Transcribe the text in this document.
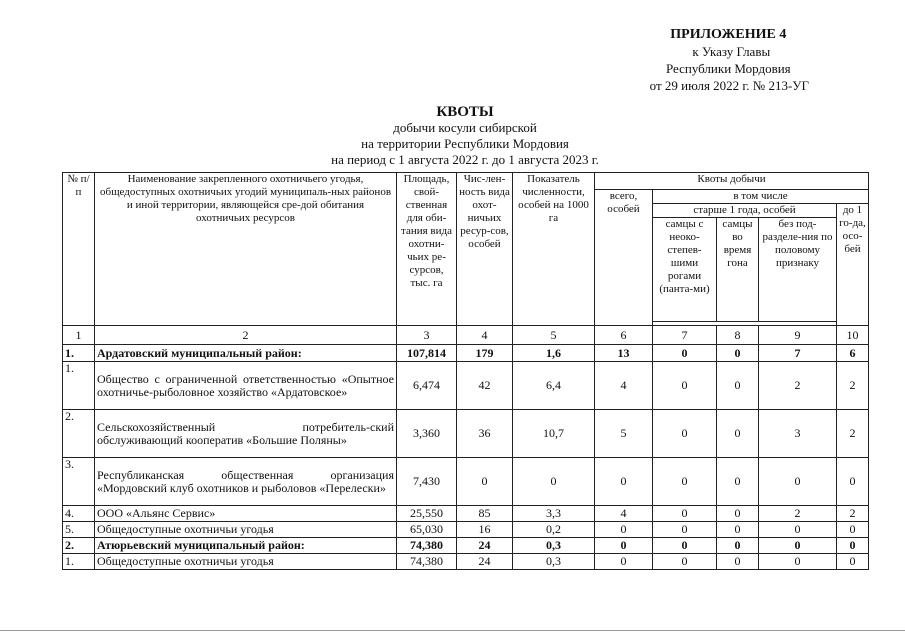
ПРИЛОЖЕНИЕ 4
к Указу Главы
Республики Мордовия
от 29 июля 2022 г. № 213-УГ
КВОТЫ
добычи косули сибирской
на территории Республики Мордовия
на период с 1 августа 2022 г. до 1 августа 2023 г.
№ п/п	Наименование закрепленного охотничьего угодья, общедоступных охотничьих угодий муниципаль-ных районов и иной территории, являющейся сре-дой обитания охотничьих ресурсов	Площадь, свой-ственная для оби-тания вида охотни-чьих ре-сурсов, тыс. га	Чис-лен-ность вида охот-ничьих ресур-сов, особей	Показатель численности, особей на 1000 га	Квоты добычи				
					всего, особей	в том числе			
						старше 1 года, особей			до 1 го-да, осо-бей
						самцы с неоко-степев-шими рогами (панта-ми)	самцы во время гона	без под-разделе-ния по половому признаку	

1	2	3	4	5	6	7	8	9	10
1.	Ардатовский муниципальный район:	107,814	179	1,6	13	0	0	7	6
1.	Общество с ограниченной ответственностью «Опытное охотничье-рыболовное хозяйство «Ардатовское»	6,474	42	6,4	4	0	0	2	2
2.	Сельскохозяйственный потребитель-ский обслуживающий кооператив «Большие Поляны»	3,360	36	10,7	5	0	0	3	2
3.	Республиканская общественная организация «Мордовский клуб охотников и рыболовов «Перелески»	7,430	0	0	0	0	0	0	0
4.	ООО «Альянс Сервис»	25,550	85	3,3	4	0	0	2	2
5.	Общедоступные охотничьи угодья	65,030	16	0,2	0	0	0	0	0
2.	Атюрьевский муниципальный район:	74,380	24	0,3	0	0	0	0	0
1.	Общедоступные охотничьи угодья	74,380	24	0,3	0	0	0	0	0
